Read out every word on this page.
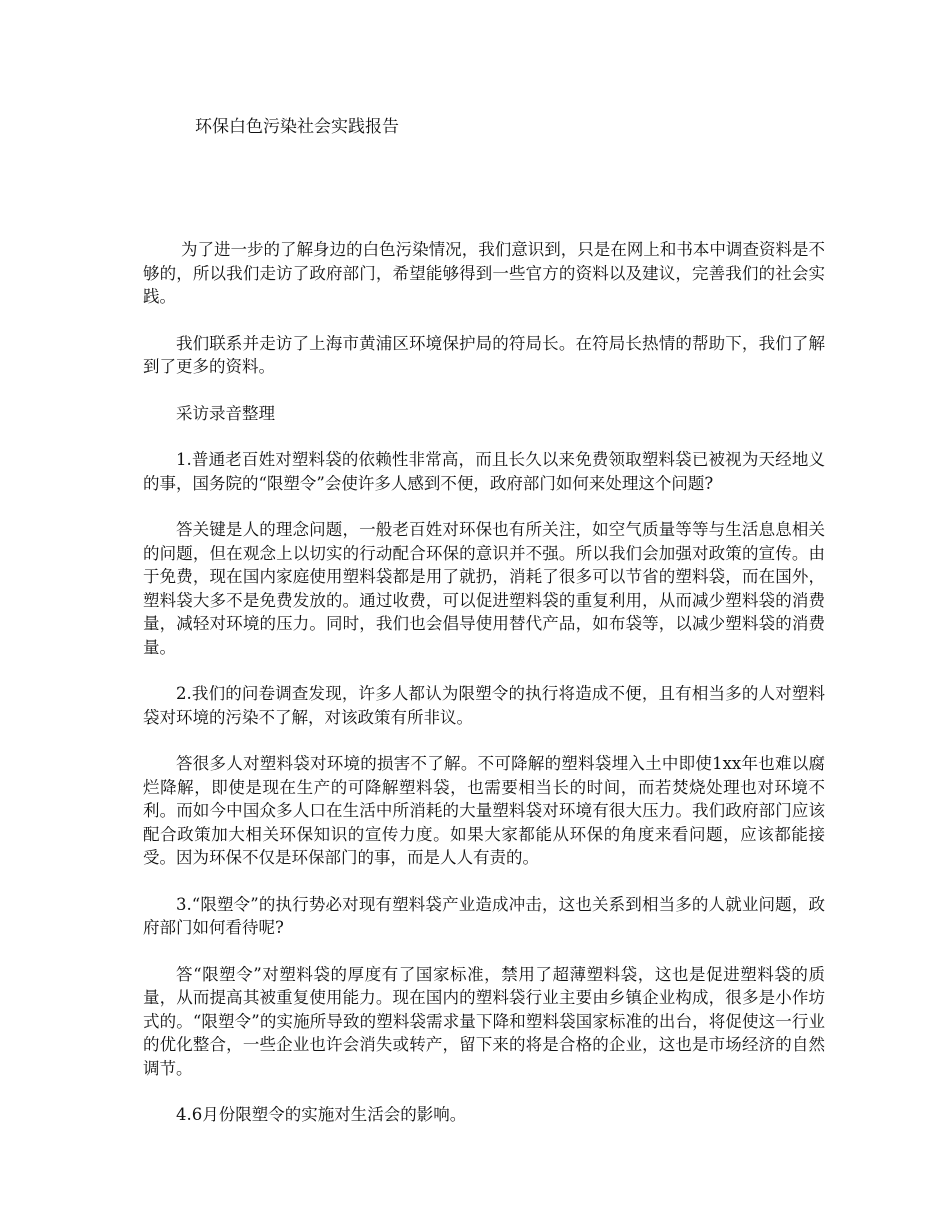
环保白色污染社会实践报告

为了进一步的了解身边的白色污染情况，我们意识到，只是在网上和书本中调查资料是不够的，所以我们走访了政府部门，希望能够得到一些官方的资料以及建议，完善我们的社会实践。

我们联系并走访了上海市黄浦区环境保护局的符局长。在符局长热情的帮助下，我们了解到了更多的资料。

采访录音整理

1.普通老百姓对塑料袋的依赖性非常高，而且长久以来免费领取塑料袋已被视为天经地义的事，国务院的“限塑令”会使许多人感到不便，政府部门如何来处理这个问题?

答关键是人的理念问题，一般老百姓对环保也有所关注，如空气质量等等与生活息息相关的问题，但在观念上以切实的行动配合环保的意识并不强。所以我们会加强对政策的宣传。由于免费，现在国内家庭使用塑料袋都是用了就扔，消耗了很多可以节省的塑料袋，而在国外，塑料袋大多不是免费发放的。通过收费，可以促进塑料袋的重复利用，从而减少塑料袋的消费量，减轻对环境的压力。同时，我们也会倡导使用替代产品，如布袋等，以减少塑料袋的消费量。

2.我们的问卷调查发现，许多人都认为限塑令的执行将造成不便，且有相当多的人对塑料袋对环境的污染不了解，对该政策有所非议。

答很多人对塑料袋对环境的损害不了解。不可降解的塑料袋埋入土中即使1xx年也难以腐烂降解，即使是现在生产的可降解塑料袋，也需要相当长的时间，而若焚烧处理也对环境不利。而如今中国众多人口在生活中所消耗的大量塑料袋对环境有很大压力。我们政府部门应该配合政策加大相关环保知识的宣传力度。如果大家都能从环保的角度来看问题，应该都能接受。因为环保不仅是环保部门的事，而是人人有责的。

3.“限塑令”的执行势必对现有塑料袋产业造成冲击，这也关系到相当多的人就业问题，政府部门如何看待呢?

答“限塑令”对塑料袋的厚度有了国家标准，禁用了超薄塑料袋，这也是促进塑料袋的质量，从而提高其被重复使用能力。现在国内的塑料袋行业主要由乡镇企业构成，很多是小作坊式的。“限塑令”的实施所导致的塑料袋需求量下降和塑料袋国家标准的出台，将促使这一行业的优化整合，一些企业也许会消失或转产，留下来的将是合格的企业，这也是市场经济的自然调节。

4.6月份限塑令的实施对生活会的影响。
